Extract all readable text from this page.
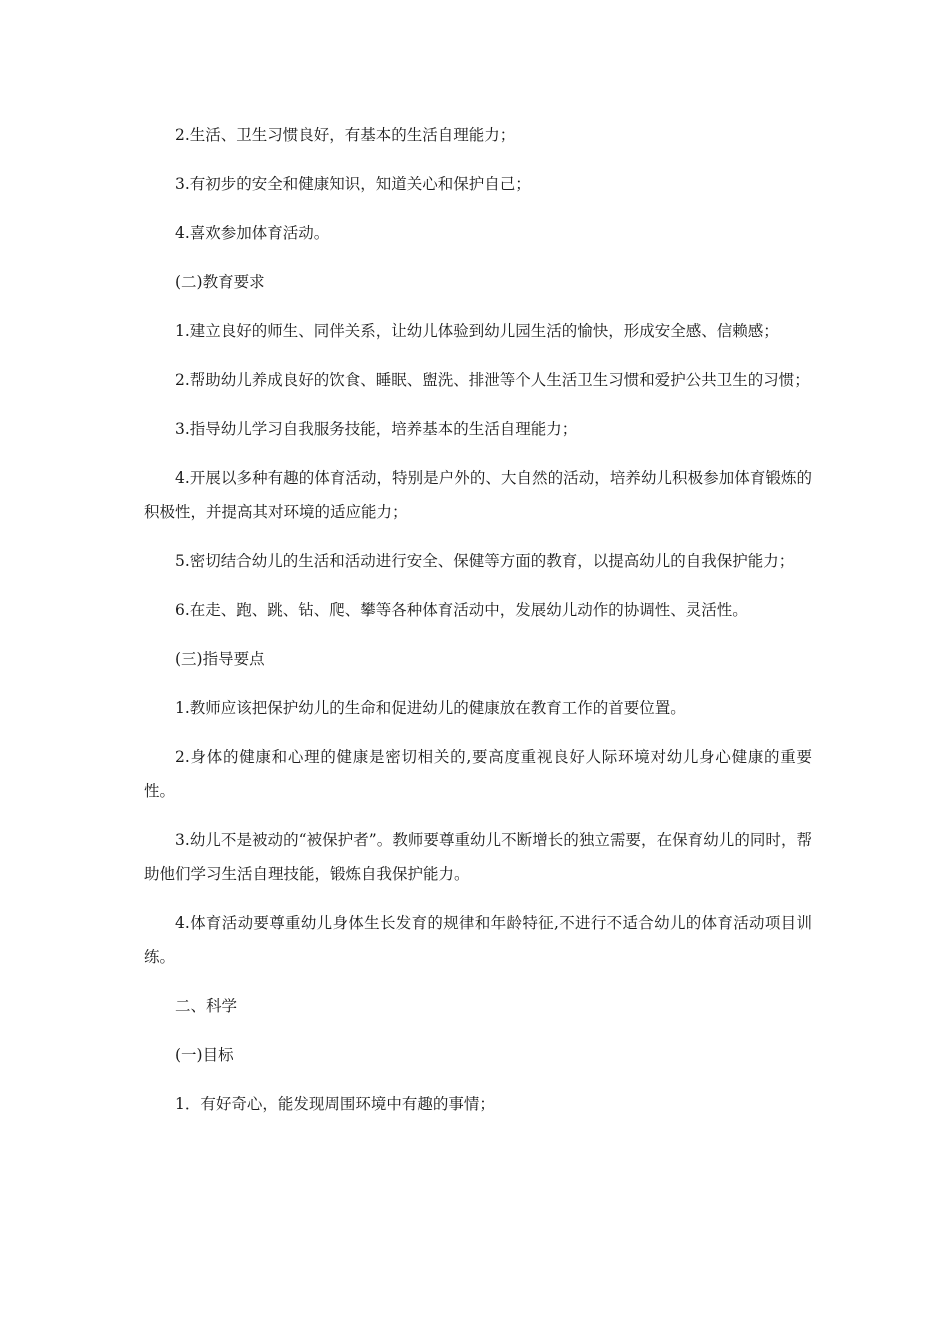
2.生活、卫生习惯良好，有基本的生活自理能力；

3.有初步的安全和健康知识，知道关心和保护自己；

4.喜欢参加体育活动。

(二)教育要求

1.建立良好的师生、同伴关系，让幼儿体验到幼儿园生活的愉快，形成安全感、信赖感；

2.帮助幼儿养成良好的饮食、睡眠、盥洗、排泄等个人生活卫生习惯和爱护公共卫生的习惯；

3.指导幼儿学习自我服务技能，培养基本的生活自理能力；

4.开展以多种有趣的体育活动，特别是户外的、大自然的活动，培养幼儿积极参加体育锻炼的积极性，并提高其对环境的适应能力；

5.密切结合幼儿的生活和活动进行安全、保健等方面的教育，以提高幼儿的自我保护能力；

6.在走、跑、跳、钻、爬、攀等各种体育活动中，发展幼儿动作的协调性、灵活性。

(三)指导要点

1.教师应该把保护幼儿的生命和促进幼儿的健康放在教育工作的首要位置。

2.身体的健康和心理的健康是密切相关的,要高度重视良好人际环境对幼儿身心健康的重要性。

3.幼儿不是被动的“被保护者”。教师要尊重幼儿不断增长的独立需要，在保育幼儿的同时，帮助他们学习生活自理技能，锻炼自我保护能力。

4.体育活动要尊重幼儿身体生长发育的规律和年龄特征,不进行不适合幼儿的体育活动项目训练。

二、科学

(一)目标

1．有好奇心，能发现周围环境中有趣的事情；
